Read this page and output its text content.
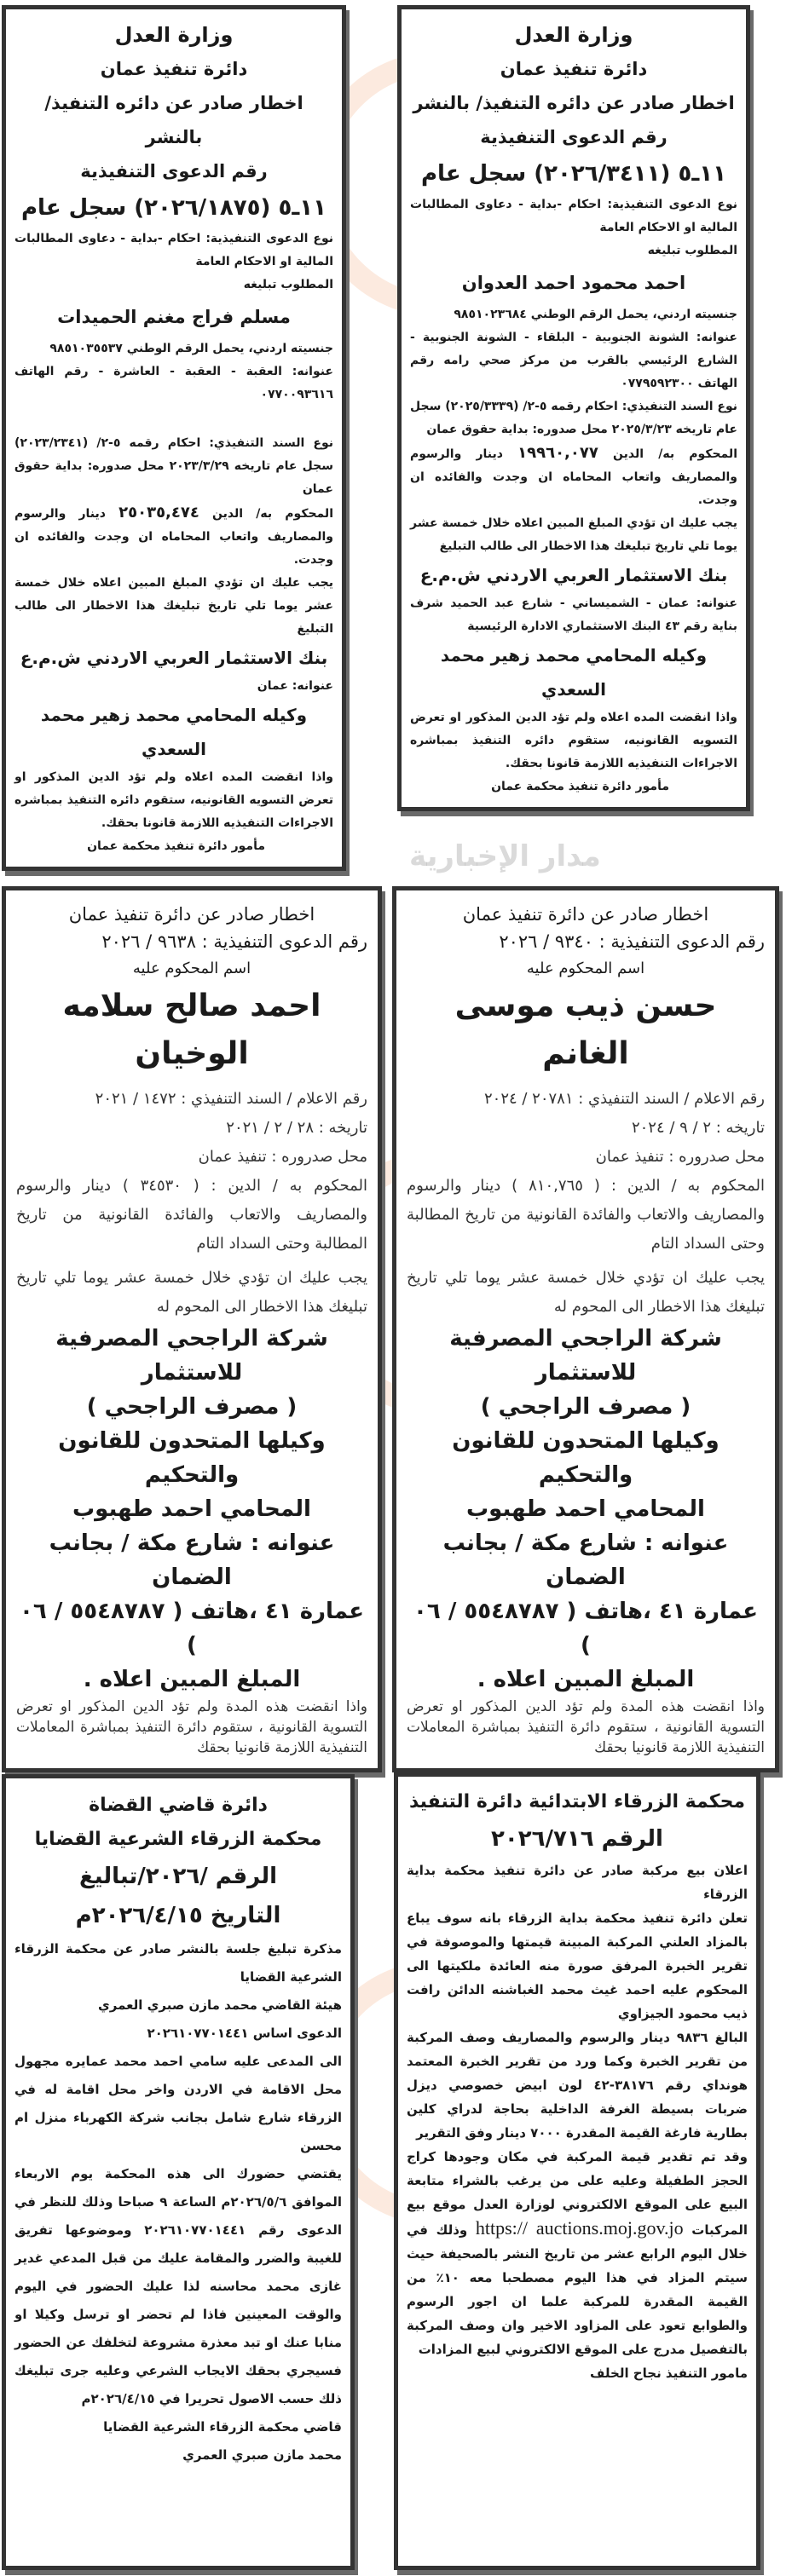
مدار الإخبارية
وزارة العدل
دائرة تنفيذ عمان
اخطار صادر عن دائره التنفيذ/ بالنشر
رقم الدعوى التنفيذية
١١ـ٥ (٢٠٢٦/٣٤١١) سجل عام
نوع الدعوى التنفيذية: احكام -بداية - دعاوى المطالبات المالية او الاحكام العامة
المطلوب تبليغه
احمد محمود احمد العدوان
جنسيته اردني، يحمل الرقم الوطني ٩٨٥١٠٢٣٦٨٤
عنوانه: الشونة الجنوبية - البلقاء - الشونة الجنوبية - الشارع الرئيسي بالقرب من مركز صحي رامه رقم الهاتف ٠٧٧٩٥٩٢٣٠٠
نوع السند التنفيذي: احكام رقمه ٥-٢/ (٢٠٢٥/٣٣٣٩) سجل عام تاريخه ٢٠٢٥/٣/٢٣ محل صدوره: بداية حقوق عمان
المحكوم به/ الدين ١٩٩٦٠,٠٧٧ دينار والرسوم والمصاريف واتعاب المحاماه ان وجدت والفائده ان وجدت.
يجب عليك ان تؤدي المبلغ المبين اعلاه خلال خمسة عشر يوما تلي تاريخ تبليغك هذا الاخطار الى طالب التبليغ
بنك الاستثمار العربي الاردني ش.م.ع
عنوانه: عمان - الشميساني - شارع عبد الحميد شرف بناية رقم ٤٣ البنك الاستثماري الادارة الرئيسية
وكيله المحامي محمد زهير محمد السعدي
واذا انقضت المده اعلاه ولم تؤد الدين المذكور او تعرض التسويه القانونيه، ستقوم دائره التنفيذ بمباشره الاجراءات التنفيذيه اللازمة قانونا بحقك.
مأمور دائرة تنفيذ محكمة عمان
وزارة العدل
دائرة تنفيذ عمان
اخطار صادر عن دائره التنفيذ/ بالنشر
رقم الدعوى التنفيذية
١١ـ٥ (٢٠٢٦/١٨٧٥) سجل عام
نوع الدعوى التنفيذية: احكام -بداية - دعاوى المطالبات المالية او الاحكام العامة
المطلوب تبليغه
مسلم فراج مغنم الحميدات
جنسيته اردني، يحمل الرقم الوطني ٩٨٥١٠٣٥٥٣٧
عنوانه: العقبة - العقبة - العاشرة - رقم الهاتف ٠٧٧٠٠٩٣٦١٦
نوع السند التنفيذي: احكام رقمه ٥-٢/ (٢٠٢٣/٢٣٤١) سجل عام تاريخه ٢٠٢٣/٣/٢٩ محل صدوره: بداية حقوق عمان
المحكوم به/ الدين ٢٥٠٣٥,٤٧٤ دينار والرسوم والمصاريف واتعاب المحاماه ان وجدت والفائده ان وجدت.
يجب عليك ان تؤدي المبلغ المبين اعلاه خلال خمسة عشر يوما تلي تاريخ تبليغك هذا الاخطار الى طالب التبليغ
بنك الاستثمار العربي الاردني ش.م.ع
عنوانه: عمان
وكيله المحامي محمد زهير محمد السعدي
واذا انقضت المده اعلاه ولم تؤد الدين المذكور او تعرض التسويه القانونيه، ستقوم دائره التنفيذ بمباشره الاجراءات التنفيذيه اللازمة قانونا بحقك.
مأمور دائرة تنفيذ محكمة عمان
اخطار صادر عن دائرة تنفيذ عمان
رقم الدعوى التنفيذية : ٩٣٤٠ / ٢٠٢٦
اسم المحكوم عليه
حسن ذيب موسى الغانم
رقم الاعلام / السند التنفيذي : ٢٠٧٨١ / ٢٠٢٤
تاريخه : ٢ / ٩ / ٢٠٢٤
محل صدروره : تنفيذ عمان
المحكوم به / الدين : ( ٨١٠,٧٦٥ ) دينار والرسوم والمصاريف والاتعاب والفائدة القانونية من تاريخ المطالبة وحتى السداد التام
يجب عليك ان تؤدي خلال خمسة عشر يوما تلي تاريخ تبليغك هذا الاخطار الى المحوم له
شركة الراجحي المصرفية للاستثمار
( مصرف الراجحي )
وكيلها المتحدون للقانون والتحكيم
المحامي احمد طهبوب
عنوانه : شارع مكة / بجانب الضمان
عمارة ٤١ ،هاتف ( ٥٥٤٨٧٨٧ / ٠٦ )
المبلغ المبين اعلاه .
واذا انقضت هذه المدة ولم تؤد الدين المذكور او تعرض التسوية القانونية ، ستقوم دائرة التنفيذ بمباشرة المعاملات التنفيذية اللازمة قانونيا بحقك
اخطار صادر عن دائرة تنفيذ عمان
رقم الدعوى التنفيذية : ٩٦٣٨ / ٢٠٢٦
اسم المحكوم عليه
احمد صالح سلامه الوخيان
رقم الاعلام / السند التنفيذي : ١٤٧٢ / ٢٠٢١
تاريخه : ٢٨ / ٢ / ٢٠٢١
محل صدروره : تنفيذ عمان
المحكوم به / الدين : ( ٣٤٥٣٠ ) دينار والرسوم والمصاريف والاتعاب والفائدة القانونية من تاريخ المطالبة وحتى السداد التام
يجب عليك ان تؤدي خلال خمسة عشر يوما تلي تاريخ تبليغك هذا الاخطار الى المحوم له
شركة الراجحي المصرفية للاستثمار
( مصرف الراجحي )
وكيلها المتحدون للقانون والتحكيم
المحامي احمد طهبوب
عنوانه : شارع مكة / بجانب الضمان
عمارة ٤١ ،هاتف ( ٥٥٤٨٧٨٧ / ٠٦ )
المبلغ المبين اعلاه .
واذا انقضت هذه المدة ولم تؤد الدين المذكور او تعرض التسوية القانونية ، ستقوم دائرة التنفيذ بمباشرة المعاملات التنفيذية اللازمة قانونيا بحقك
محكمة الزرقاء الابتدائية دائرة التنفيذ
الرقم ٢٠٢٦/٧١٦
اعلان بيع مركبة صادر عن دائرة تنفيذ محكمة بداية الزرقاء
تعلن دائرة تنفيذ محكمة بداية الزرقاء بانه سوف يباع بالمزاد العلني المركبة المبينة قيمتها والموصوفة في تقرير الخبرة المرفق صورة منه العائدة ملكيتها الى المحكوم عليه احمد غيث محمد الغباشنه الدائن رافت ذيب محمود الجيزاوي
البالغ ٩٨٣٦ دينار والرسوم والمصاريف وصف المركبة من تقرير الخبرة وكما ورد من تقرير الخبرة المعتمد هونداي رقم ٣٨١٧٦-٤٢ لون ابيض خصوصي ديزل ضربات بسيطة الغرفة الداخلية بحاجة لدراي كلين بطارية فارغة القيمة المقدرة ٧٠٠٠ دينار وفق التقرير
وقد تم تقدير قيمة المركبة في مكان وجودها كراج الحجز الطفيلة وعليه على من يرغب بالشراء متابعة البيع على الموقع الالكتروني لوزارة العدل موقع بيع المركبات https:// auctions.moj.gov.jo وذلك في خلال اليوم الرابع عشر من تاريخ النشر بالصحيفة حيث سيتم المزاد في هذا اليوم مصطحبا معه ١٠٪ من القيمة المقدرة للمركبة علما ان اجور الرسوم والطوابع تعود على المزاود الاخير وان وصف المركبة بالتفصيل مدرج على الموقع الالكتروني لبيع المزادات
مامور التنفيذ نجاح الخلف
دائرة قاضي القضاة
محكمة الزرقاء الشرعية القضايا
الرقم /٢٠٢٦/تباليغ
التاريخ ٢٠٢٦/٤/١٥م
مذكرة تبليغ جلسة بالنشر صادر عن محكمة الزرقاء الشرعية القضايا
هيئة القاضي محمد مازن صبري العمري
الدعوى اساس ٢٠٢٦١٠٧٧٠١٤٤١
الى المدعى عليه سامي احمد محمد عمايره مجهول محل الاقامة في الاردن واخر محل اقامة له في الزرقاء شارع شامل بجانب شركة الكهرباء منزل ام محسن
يقتضي حضورك الى هذه المحكمة يوم الاربعاء الموافق ٢٠٢٦/٥/٦م الساعة ٩ صباحا وذلك للنظر في الدعوى رقم ٢٠٢٦١٠٧٧٠١٤٤١ وموضوعها تفريق للغيبة والضرر والمقامة عليك من قبل المدعي غدير غازى محمد محاسنه لذا عليك الحضور في اليوم والوقت المعينين فاذا لم تحضر او ترسل وكيلا او منابا عنك او تبد معذرة مشروعة لتخلفك عن الحضور فسيجري بحقك الايجاب الشرعي وعليه جرى تبليغك ذلك حسب الاصول تحريرا في ٢٠٢٦/٤/١٥م
قاضي محكمة الزرقاء الشرعية القضايا
محمد مازن صبري العمري
